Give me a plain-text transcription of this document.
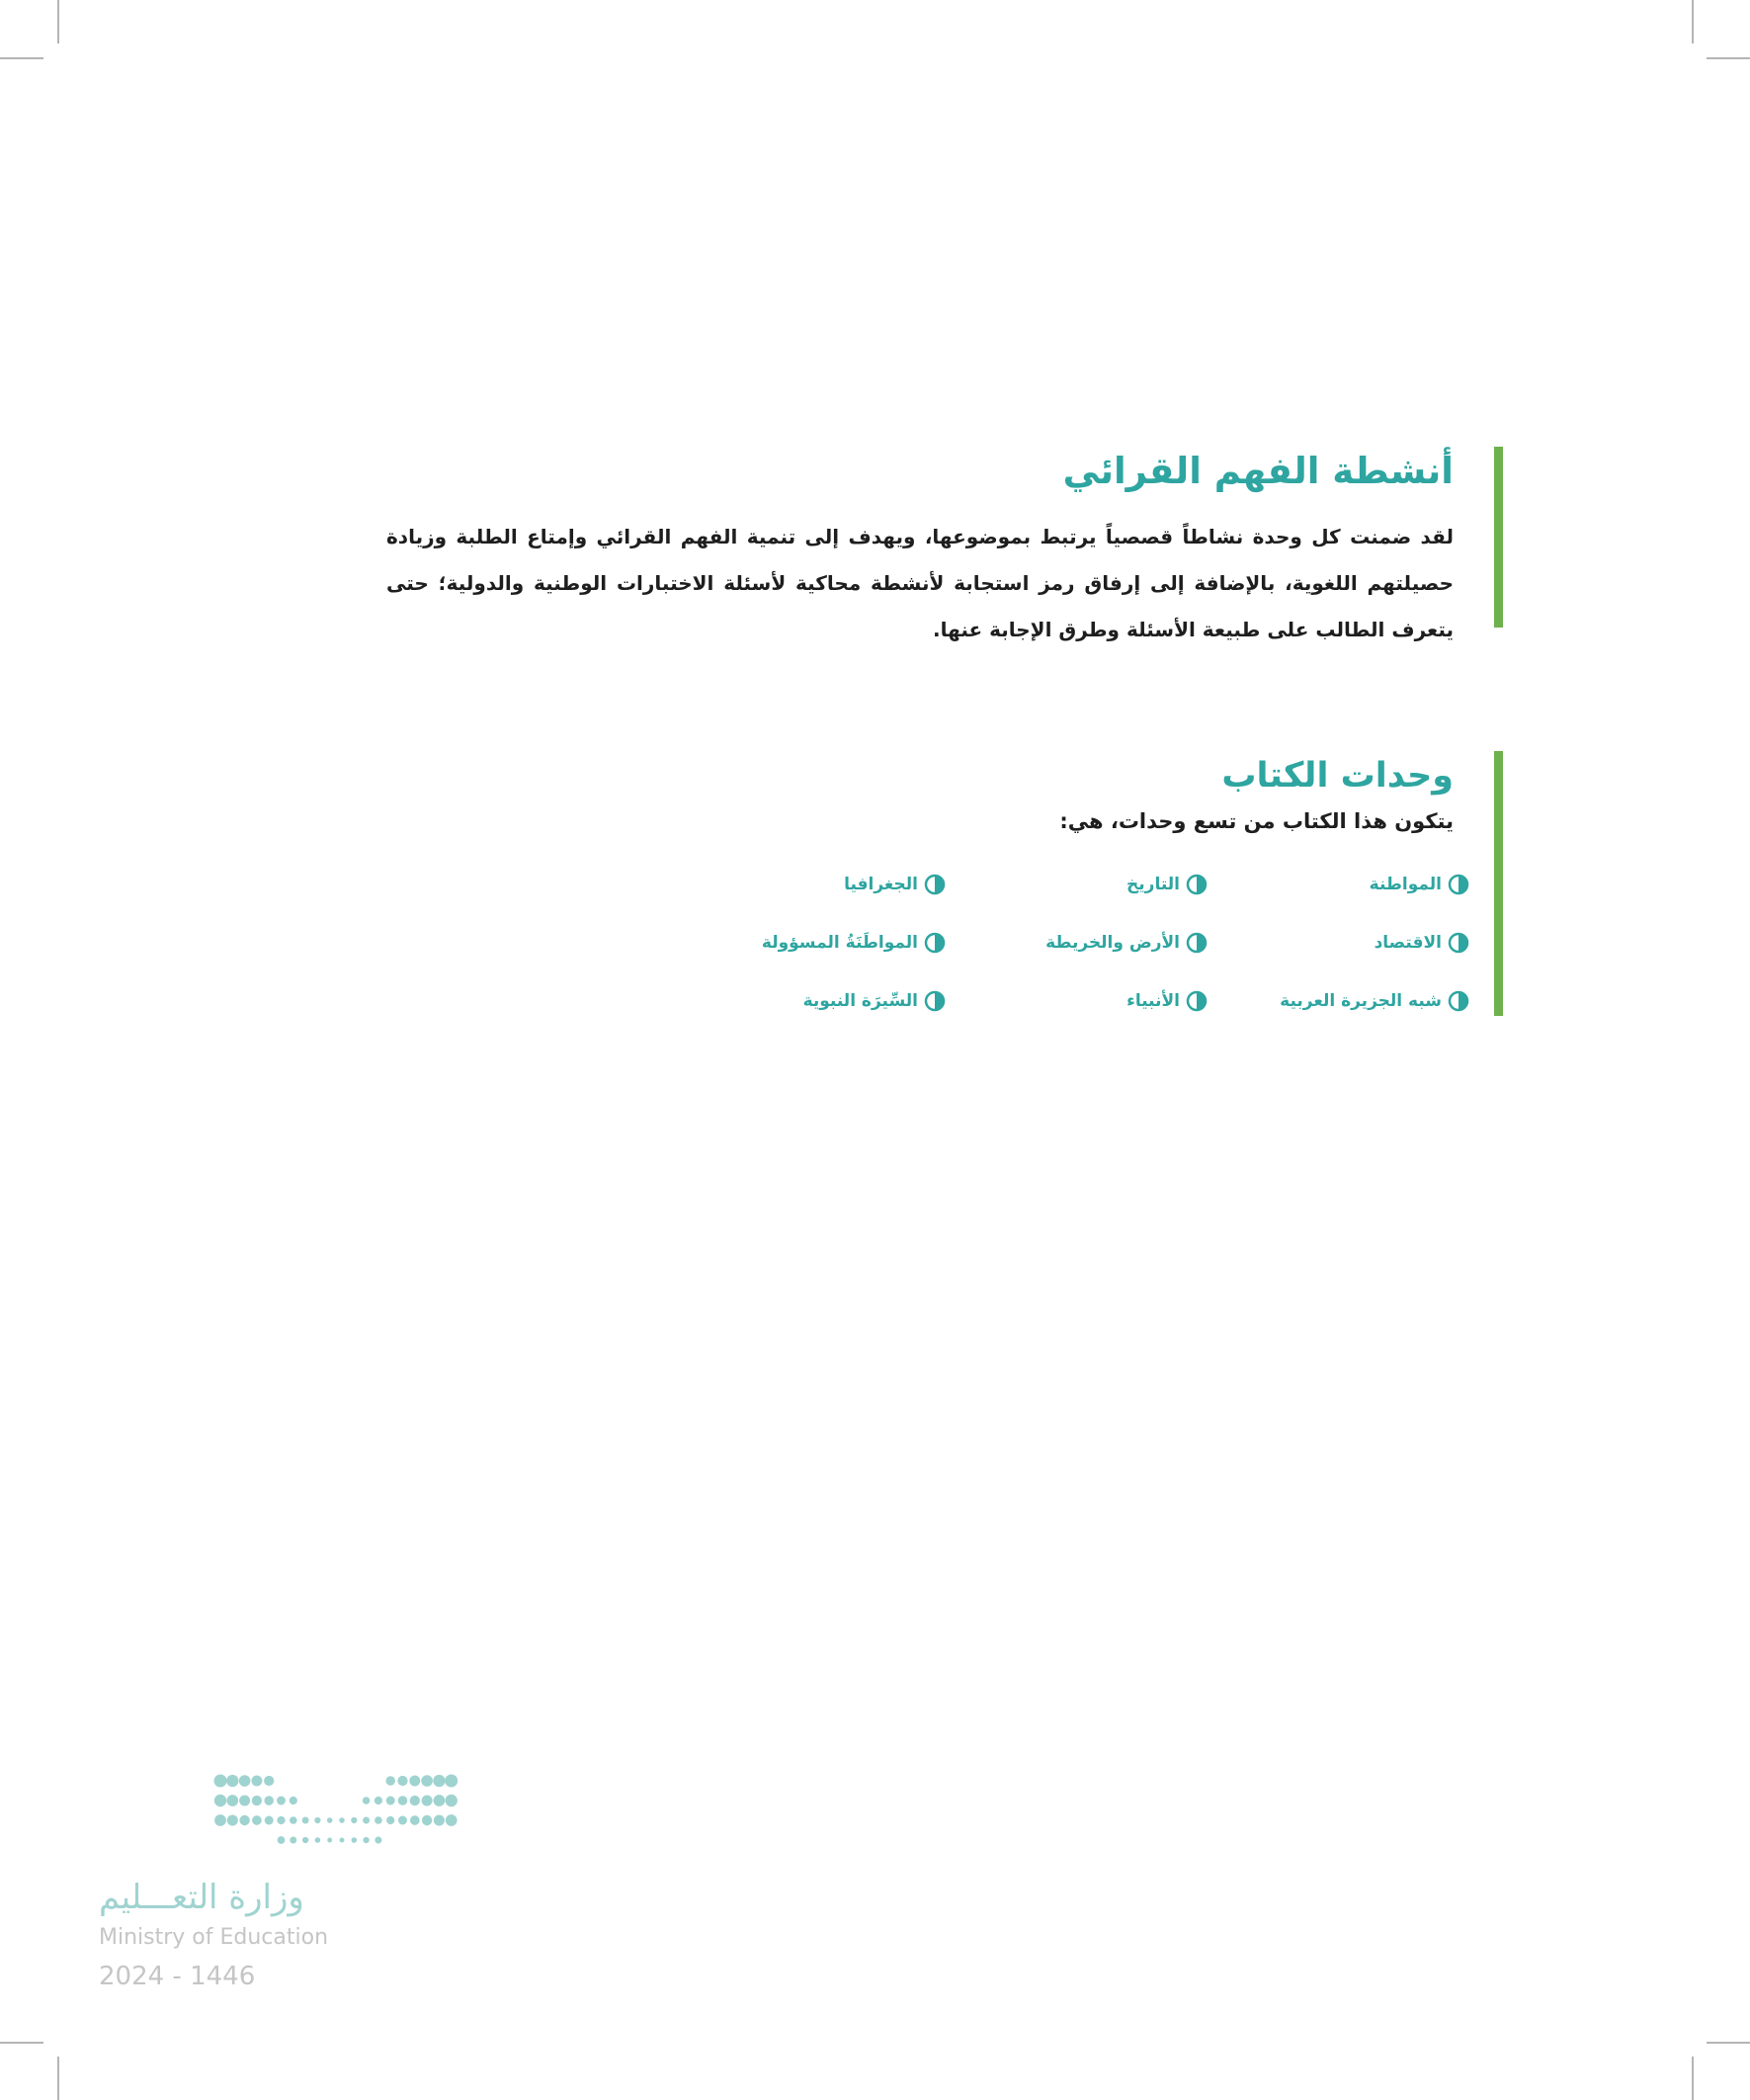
أنشطة الفهم القرائي

لقد ضمنت كل وحدة نشاطاً قصصياً يرتبط بموضوعها، ويهدف إلى تنمية الفهم القرائي وإمتاع الطلبة وزيادة حصيلتهم اللغوية، بالإضافة إلى إرفاق رمز استجابة لأنشطة محاكية لأسئلة الاختبارات الوطنية والدولية؛ حتى يتعرف الطالب على طبيعة الأسئلة وطرق الإجابة عنها.

وحدات الكتاب

يتكون هذا الكتاب من تسع وحدات، هي:

المواطنة
التاريخ
الجغرافيا
الاقتصاد
الأرض والخريطة
المواطَنَةُ المسؤولة
شبه الجزيرة العربية
الأنبياء
السِّيرَة النبوية
وزارة التعـــليم
Ministry of Education
2024 - 1446
